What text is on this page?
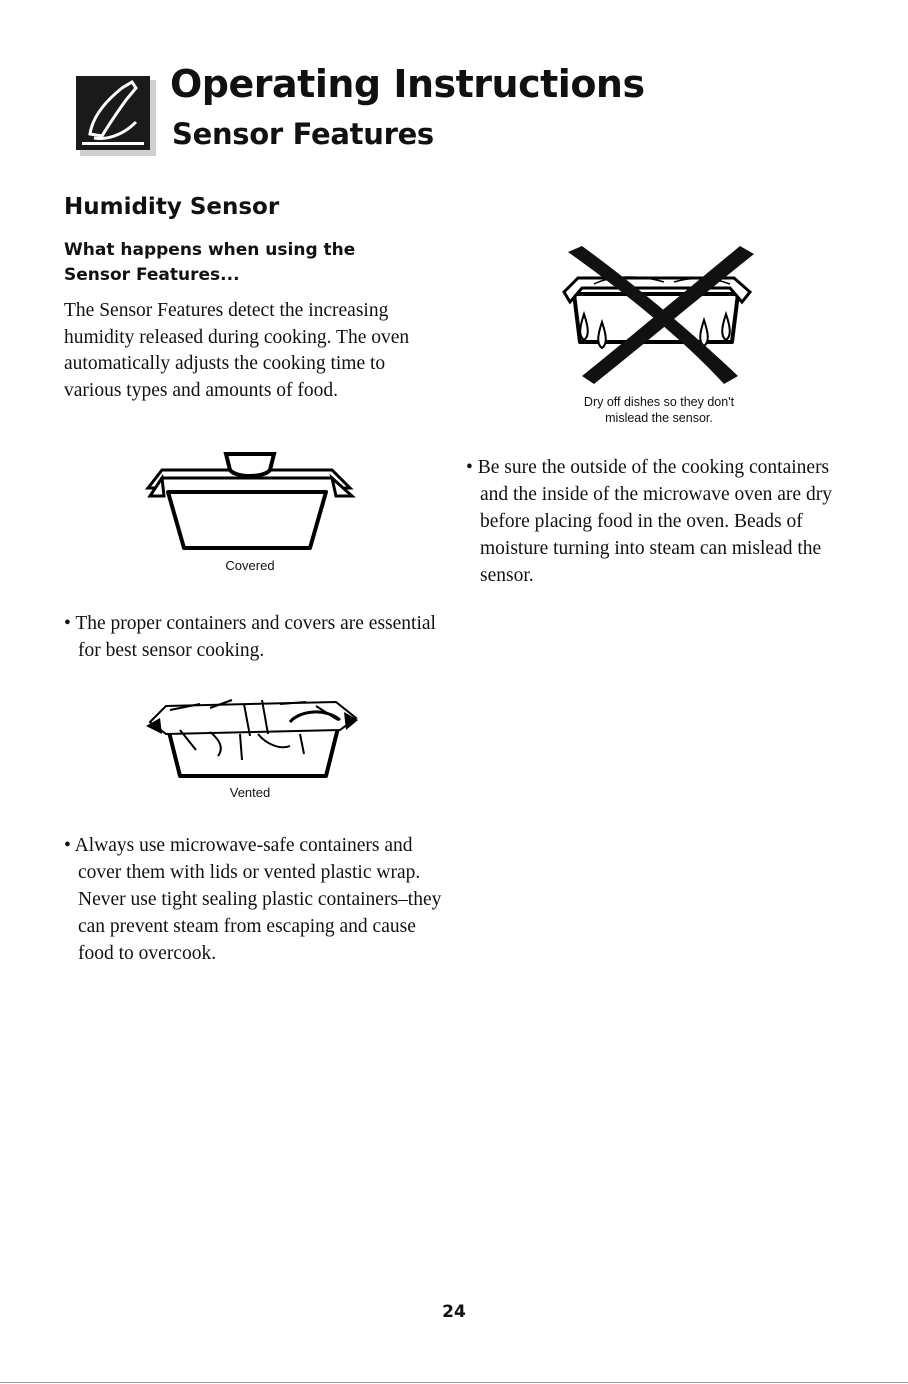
Operating Instructions
Sensor Features
Humidity Sensor
What happens when using the Sensor Features...
The Sensor Features detect the increasing humidity released during cooking. The oven automatically adjusts the cooking time to various types and amounts of food.
Covered
• The proper containers and covers are essential for best sensor cooking.
Vented
• Always use microwave-safe containers and cover them with lids or vented plastic wrap. Never use tight sealing plastic containers–they can prevent steam from escaping and cause food to overcook.
Dry off dishes so they don't
mislead the sensor.
• Be sure the outside of the cooking containers and the inside of the microwave oven are dry before placing food in the oven. Beads of moisture turning into steam can mislead the sensor.
24
